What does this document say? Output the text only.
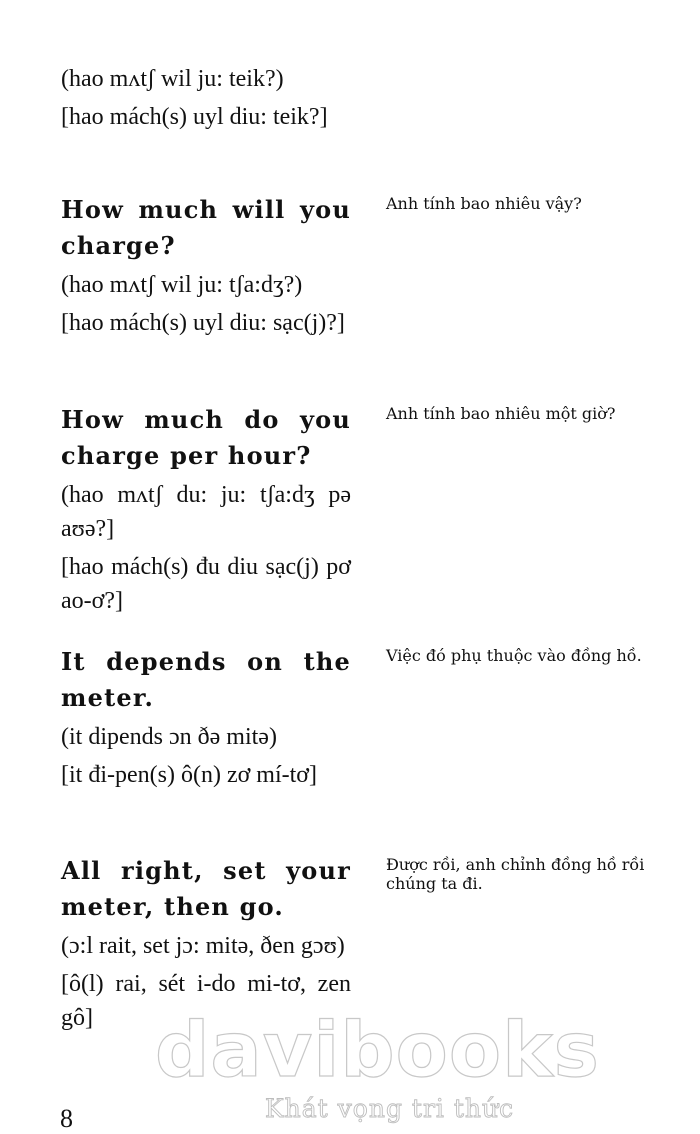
(hao mʌtʃ wil ju: teik?)
[hao mách(s) uyl diu: teik?]
How much will you charge?
(hao mʌtʃ wil ju: tʃa:dʒ?)
[hao mách(s) uyl diu: sạc(j)?]
Anh tính bao nhiêu vậy?
How much do you charge per hour?
(hao mʌtʃ du: ju: tʃa:dʒ pə aʊə?]
[hao mách(s) đu diu sạc(j) pơ ao-ơ?]
Anh tính bao nhiêu một giờ?
It depends on the meter.
(it dipends ɔn ðə mitə)
[it đi-pen(s) ô(n) zơ mí-tơ]
Việc đó phụ thuộc vào đồng hồ.
All right, set your meter, then go.
(ɔ:l rait, set jɔ: mitə, ðen gɔʊ)
[ô(l) rai, sét i-do mi-tơ, zen gô]
Được rồi, anh chỉnh đồng hồ rồi chúng ta đi.
davibooks
Khát vọng tri thức
8
